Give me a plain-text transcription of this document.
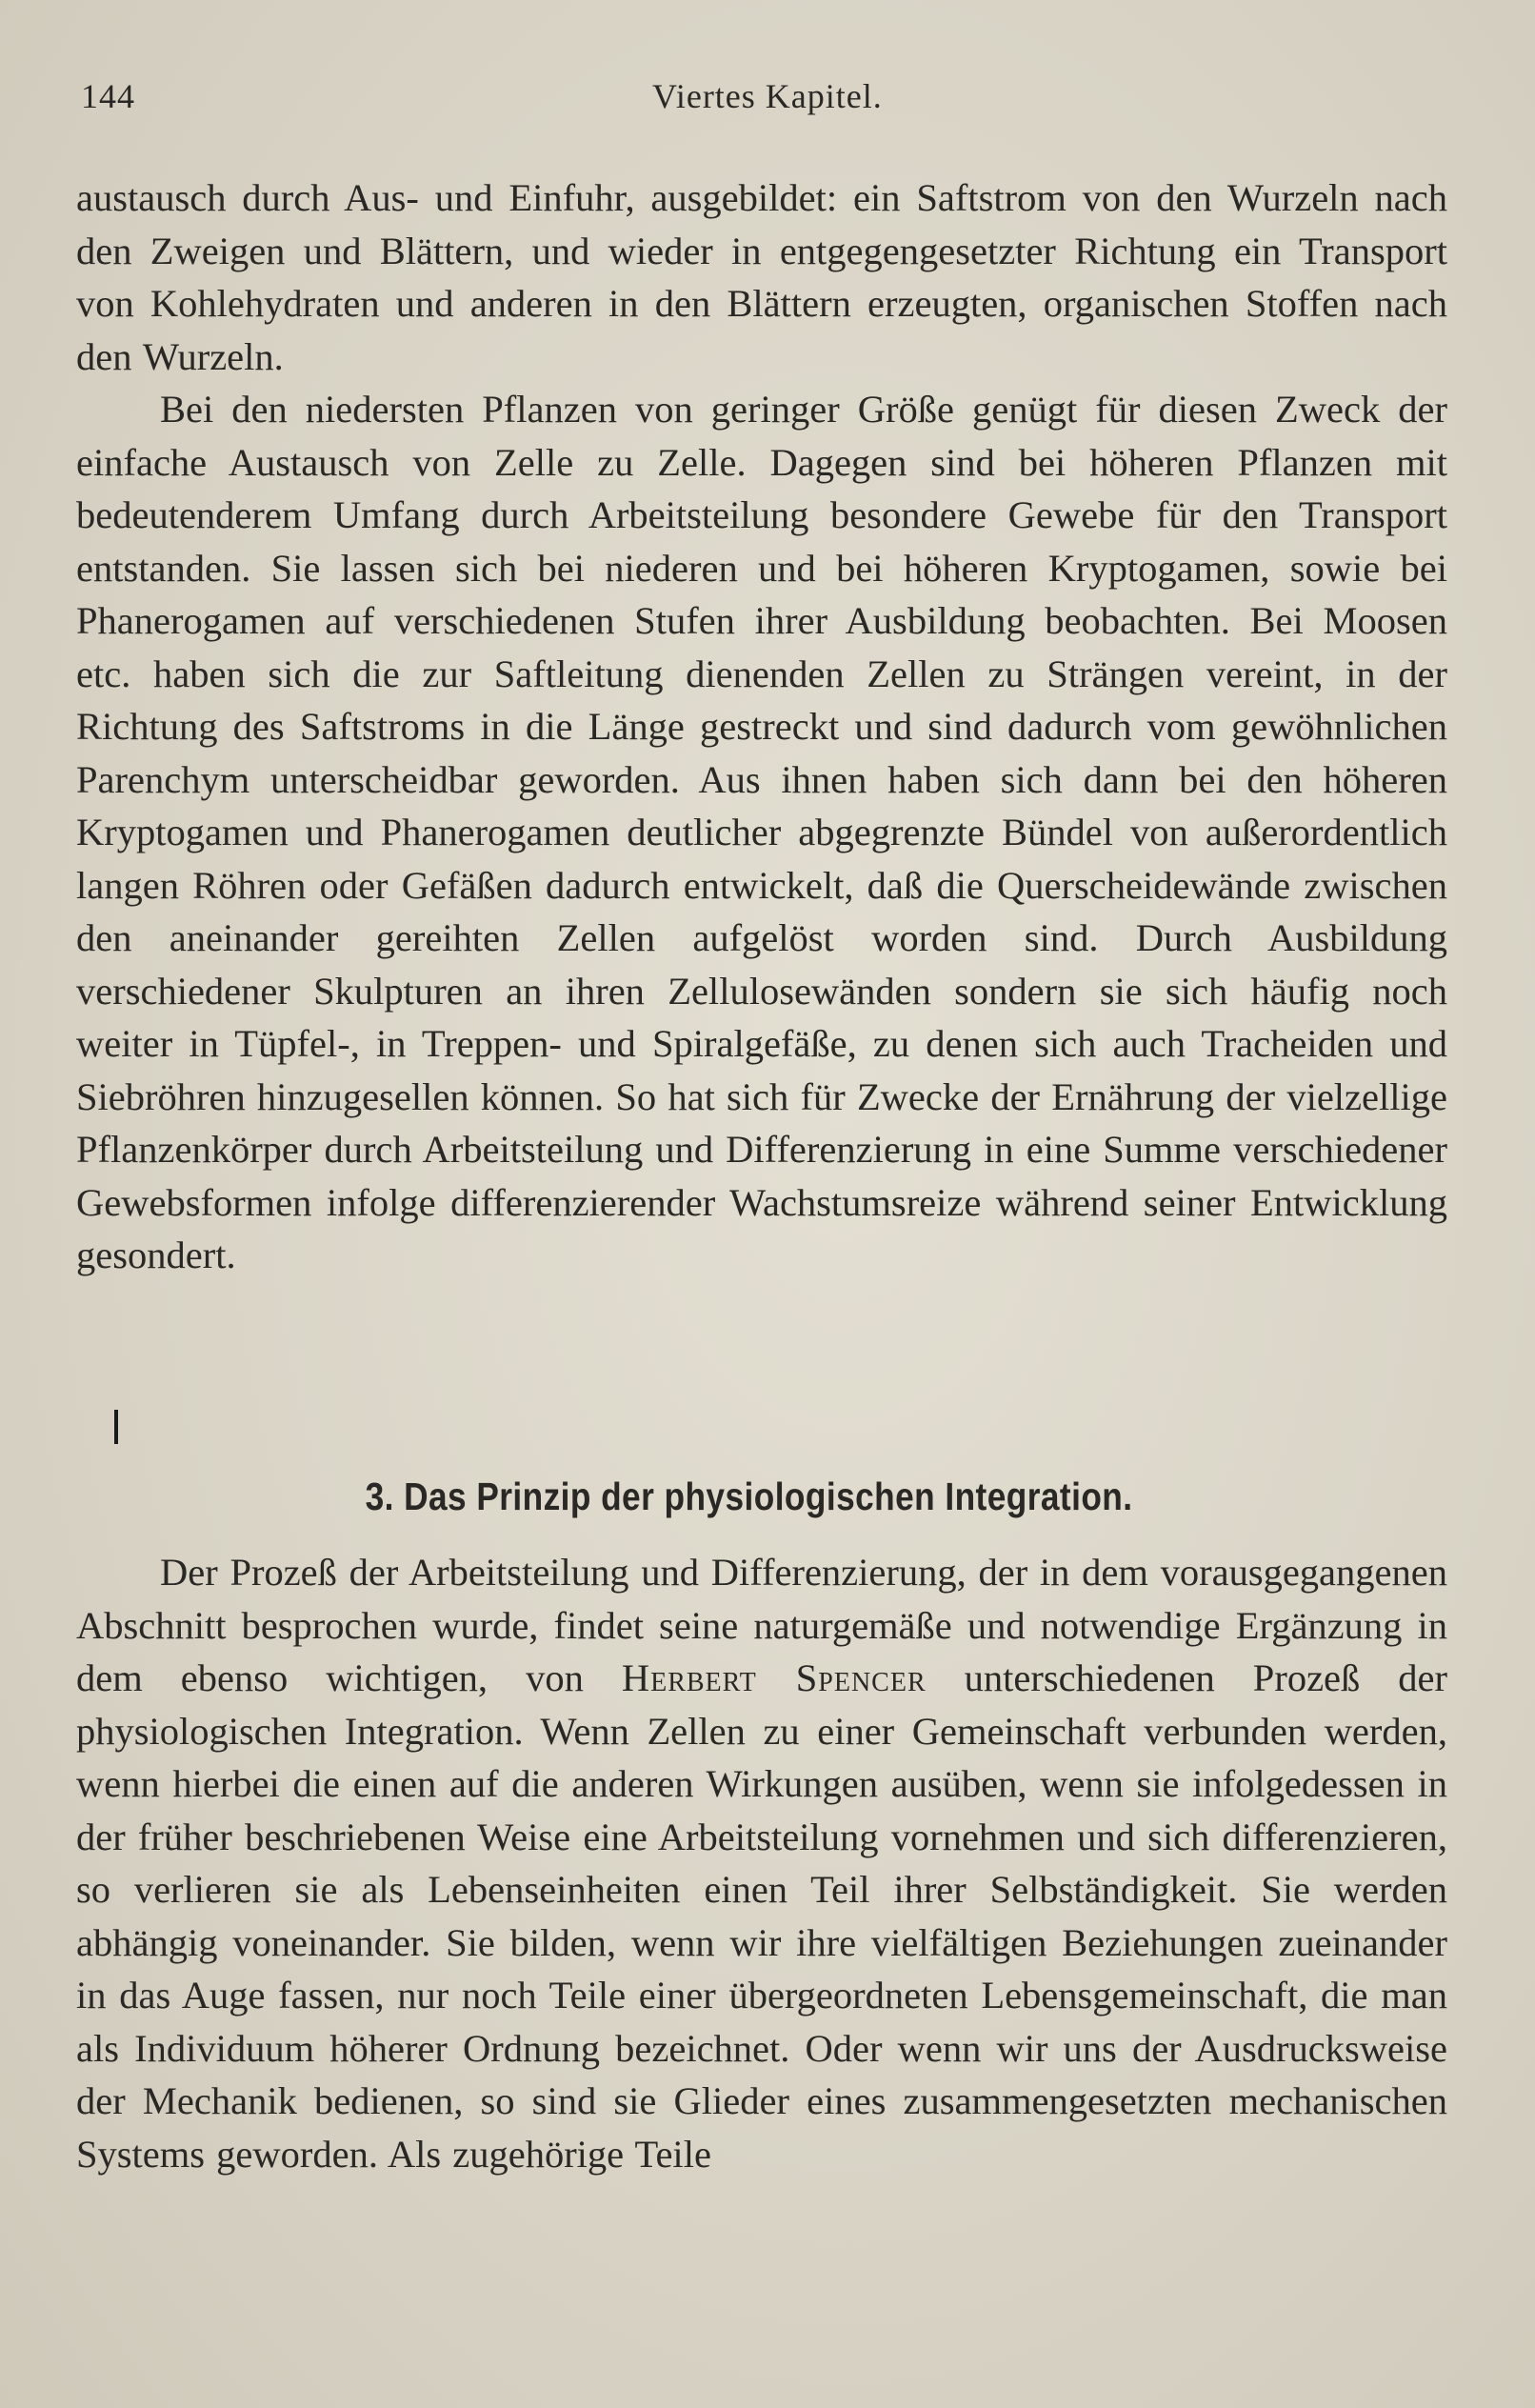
144	Viertes Kapitel.

austausch durch Aus- und Einfuhr, ausgebildet: ein Saftstrom von den Wurzeln nach den Zweigen und Blättern, und wieder in entgegengesetzter Richtung ein Transport von Kohlehydraten und anderen in den Blättern erzeugten, organischen Stoffen nach den Wurzeln.

Bei den niedersten Pflanzen von geringer Größe genügt für diesen Zweck der einfache Austausch von Zelle zu Zelle. Dagegen sind bei höheren Pflanzen mit bedeutenderem Umfang durch Arbeitsteilung besondere Gewebe für den Transport entstanden. Sie lassen sich bei niederen und bei höheren Kryptogamen, sowie bei Phanerogamen auf verschiedenen Stufen ihrer Ausbildung beobachten. Bei Moosen etc. haben sich die zur Saftleitung dienenden Zellen zu Strängen vereint, in der Richtung des Saftstroms in die Länge gestreckt und sind dadurch vom gewöhnlichen Parenchym unterscheidbar geworden. Aus ihnen haben sich dann bei den höheren Kryptogamen und Phanerogamen deutlicher abgegrenzte Bündel von außerordentlich langen Röhren oder Gefäßen dadurch entwickelt, daß die Querscheidewände zwischen den aneinander gereihten Zellen aufgelöst worden sind. Durch Ausbildung verschiedener Skulpturen an ihren Zellulosewänden sondern sie sich häufig noch weiter in Tüpfel-, in Treppen- und Spiralgefäße, zu denen sich auch Tracheiden und Siebröhren hinzugesellen können. So hat sich für Zwecke der Ernährung der vielzellige Pflanzenkörper durch Arbeitsteilung und Differenzierung in eine Summe verschiedener Gewebsformen infolge differenzierender Wachstumsreize während seiner Entwicklung gesondert.

3. Das Prinzip der physiologischen Integration.

Der Prozeß der Arbeitsteilung und Differenzierung, der in dem vorausgegangenen Abschnitt besprochen wurde, findet seine naturgemäße und notwendige Ergänzung in dem ebenso wichtigen, von Herbert Spencer unterschiedenen Prozeß der physiologischen Integration. Wenn Zellen zu einer Gemeinschaft verbunden werden, wenn hierbei die einen auf die anderen Wirkungen ausüben, wenn sie infolgedessen in der früher beschriebenen Weise eine Arbeitsteilung vornehmen und sich differenzieren, so verlieren sie als Lebenseinheiten einen Teil ihrer Selbständigkeit. Sie werden abhängig voneinander. Sie bilden, wenn wir ihre vielfältigen Beziehungen zueinander in das Auge fassen, nur noch Teile einer übergeordneten Lebensgemeinschaft, die man als Individuum höherer Ordnung bezeichnet. Oder wenn wir uns der Ausdrucksweise der Mechanik bedienen, so sind sie Glieder eines zusammengesetzten mechanischen Systems geworden. Als zugehörige Teile
